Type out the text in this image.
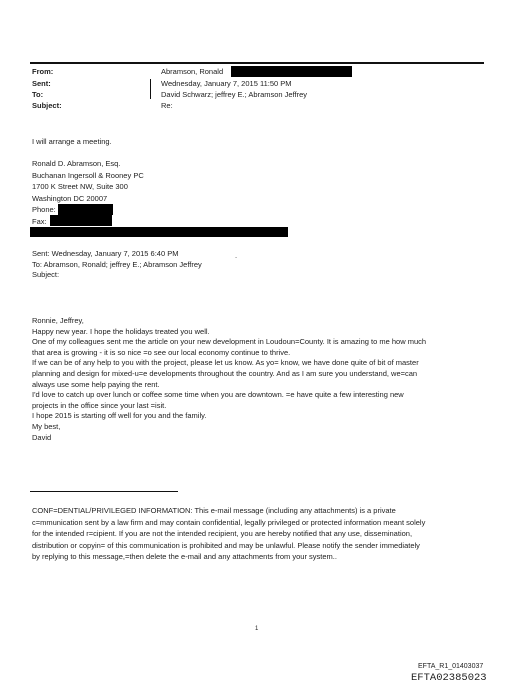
From:
Sent:
To:
Subject:
Abramson, Ronald
Wednesday, January 7, 2015 11:50 PM
David Schwarz; jeffrey E.; Abramson Jeffrey
Re:
I will arrange a meeting.
Ronald D. Abramson, Esq.
Buchanan Ingersoll & Rooney PC
1700 K Street NW, Suite 300
Washington DC 20007
Phone:
Fax:
Sent: Wednesday, January 7, 2015 6:40 PM
To: Abramson, Ronald; jeffrey E.; Abramson Jeffrey
Subject:
.
Ronnie, Jeffrey,
Happy new year. I hope the holidays treated you well.
One of my colleagues sent me the article on your new development in Loudoun=County. It is amazing to me how much
that area is growing - it is so nice =o see our local economy continue to thrive.
If we can be of any help to you with the project, please let us know. As yo= know, we have done quite of bit of master
planning and design for mixed-u=e developments throughout the country. And as I am sure you understand, we=can
always use some help paying the rent.
I'd love to catch up over lunch or coffee some time when you are downtown. =e have quite a few interesting new
projects in the office since your last =isit.
I hope 2015 is starting off well for you and the family.
My best,
David
CONF=DENTIAL/PRIVILEGED INFORMATION: This e-mail message (including any attachments) is a private
c=mmunication sent by a law firm and may contain confidential, legally privileged or protected information meant solely
for the intended r=cipient. If you are not the intended recipient, you are hereby notified that any use, dissemination,
distribution or copyin= of this communication is prohibited and may be unlawful. Please notify the sender immediately
by replying to this message,=then delete the e-mail and any attachments from your system..
1
EFTA_R1_01403037
EFTA02385023
